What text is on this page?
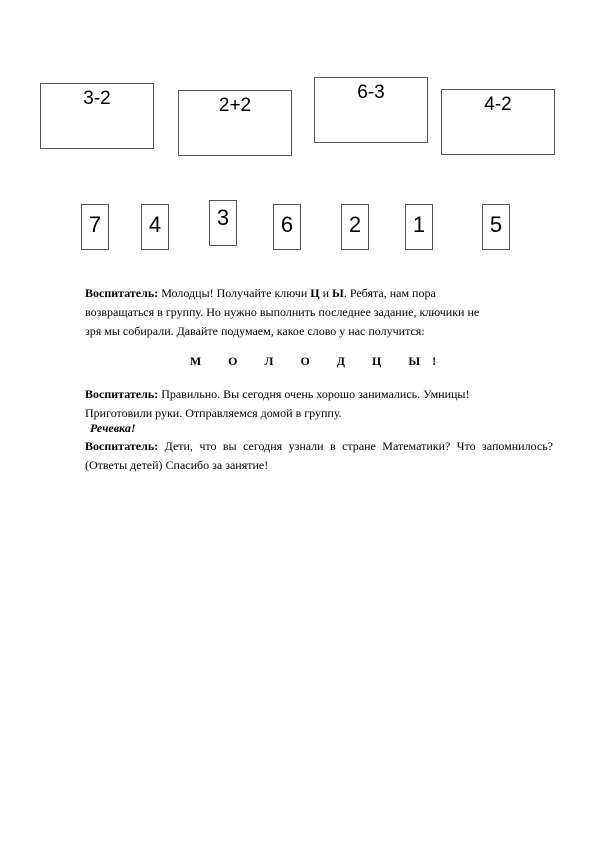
3-2	2+2
6-3
4-2
7	4	3	6	2	1	5
Воспитатель: Молодцы! Получайте ключи Ц и Ы. Ребята, нам пора
возвращаться в группу. Но нужно выполнить последнее задание, ключики не
зря мы собирали. Давайте подумаем, какое слово у нас получится:
М О Л О Д Ц Ы!
Воспитатель: Правильно. Вы сегодня очень хорошо занимались. Умницы!
Приготовили руки. Отправляемся домой в группу.
Речевка!
Воспитатель: Дети, что вы сегодня узнали в стране Математики? Что запомнилось? (Ответы детей) Спасибо за занятие!
